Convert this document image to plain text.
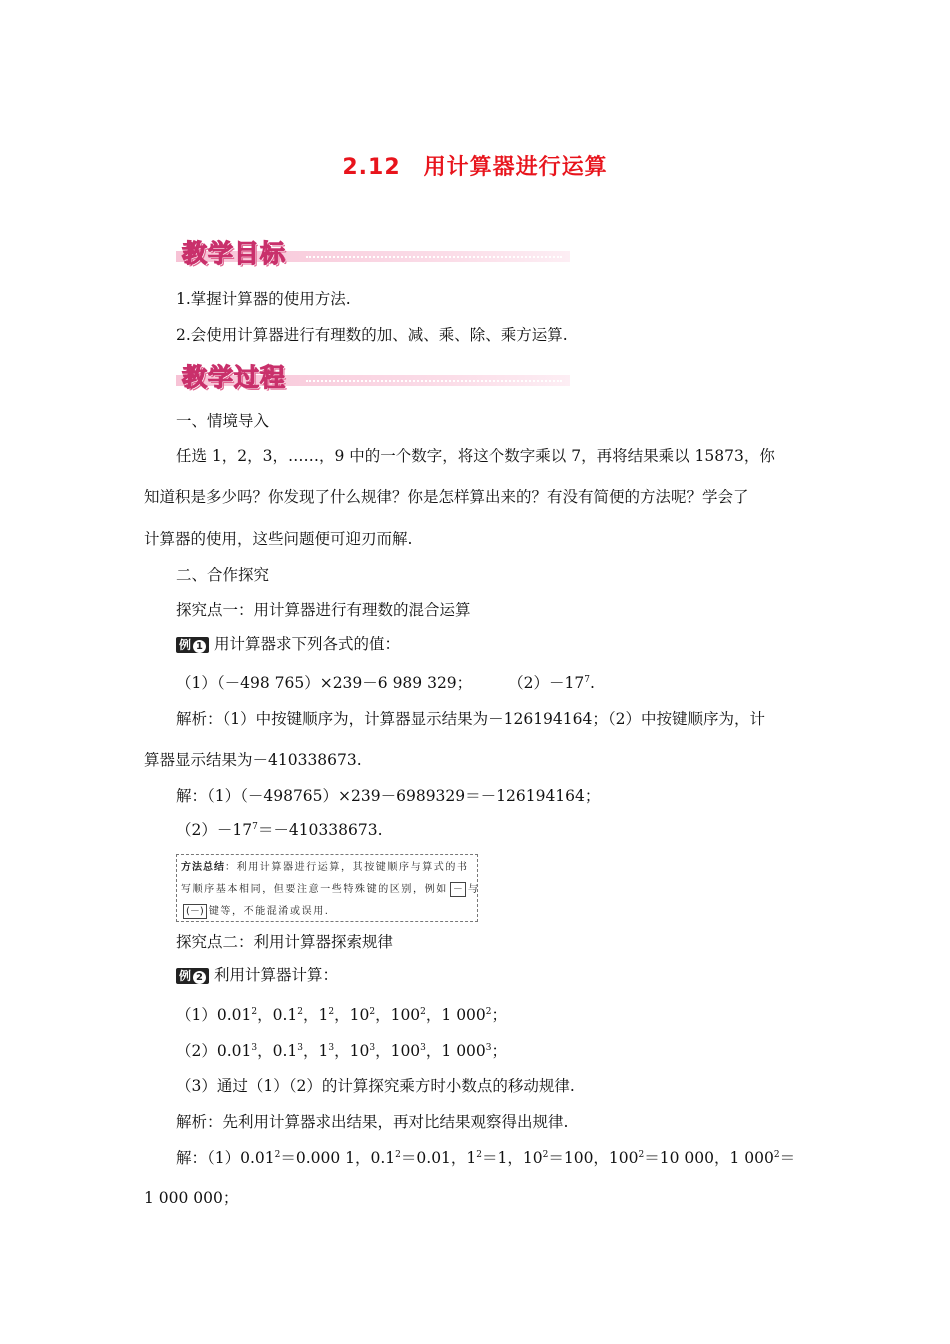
2.12　用计算器进行运算
教学目标
1.掌握计算器的使用方法.
2.会使用计算器进行有理数的加、减、乘、除、乘方运算.
教学过程
一、情境导入
任选 1，2，3，……，9 中的一个数字，将这个数字乘以 7，再将结果乘以 15873，你
知道积是多少吗？你发现了什么规律？你是怎样算出来的？有没有简便的方法呢？学会了
计算器的使用，这些问题便可迎刃而解.
二、合作探究
探究点一：用计算器进行有理数的混合运算
例 1 用计算器求下列各式的值：
（1）（－498 765）×239－6 989 329； $(2)-17^7$.
解析：（1）中按键顺序为，计算器显示结果为－126194164；（2）中按键顺序为，计
算器显示结果为－410338673.
解：（1）（－498765）×239－6989329＝－126194164；
$(2)-17^7=-410338673$.
方法总结：利用计算器进行运算，其按键顺序与算式的书
写顺序基本相同，但要注意一些特殊键的区别，例如 － 与
(－) 键等，不能混淆或误用.
探究点二：利用计算器探索规律
例 2 利用计算器计算：
（1）0.01$^2$，$0.1^2$，$1^2$，$10^2$，$100^2$，1 $000^2$；
（2）0.01$^3$，$0.1^3$，$1^3$，$10^3$，$100^3$，1 $000^3$；
（3）通过（1）（2）的计算探究乘方时小数点的移动规律.
解析：先利用计算器求出结果，再对比结果观察得出规律.
解：$(1)0.01^2=0.000$ 1，$0.1^2=0.01$，$1^2=1$，$10^2=100$，$100^2=10$ 000，1 $000^2=$
1 000 000；
